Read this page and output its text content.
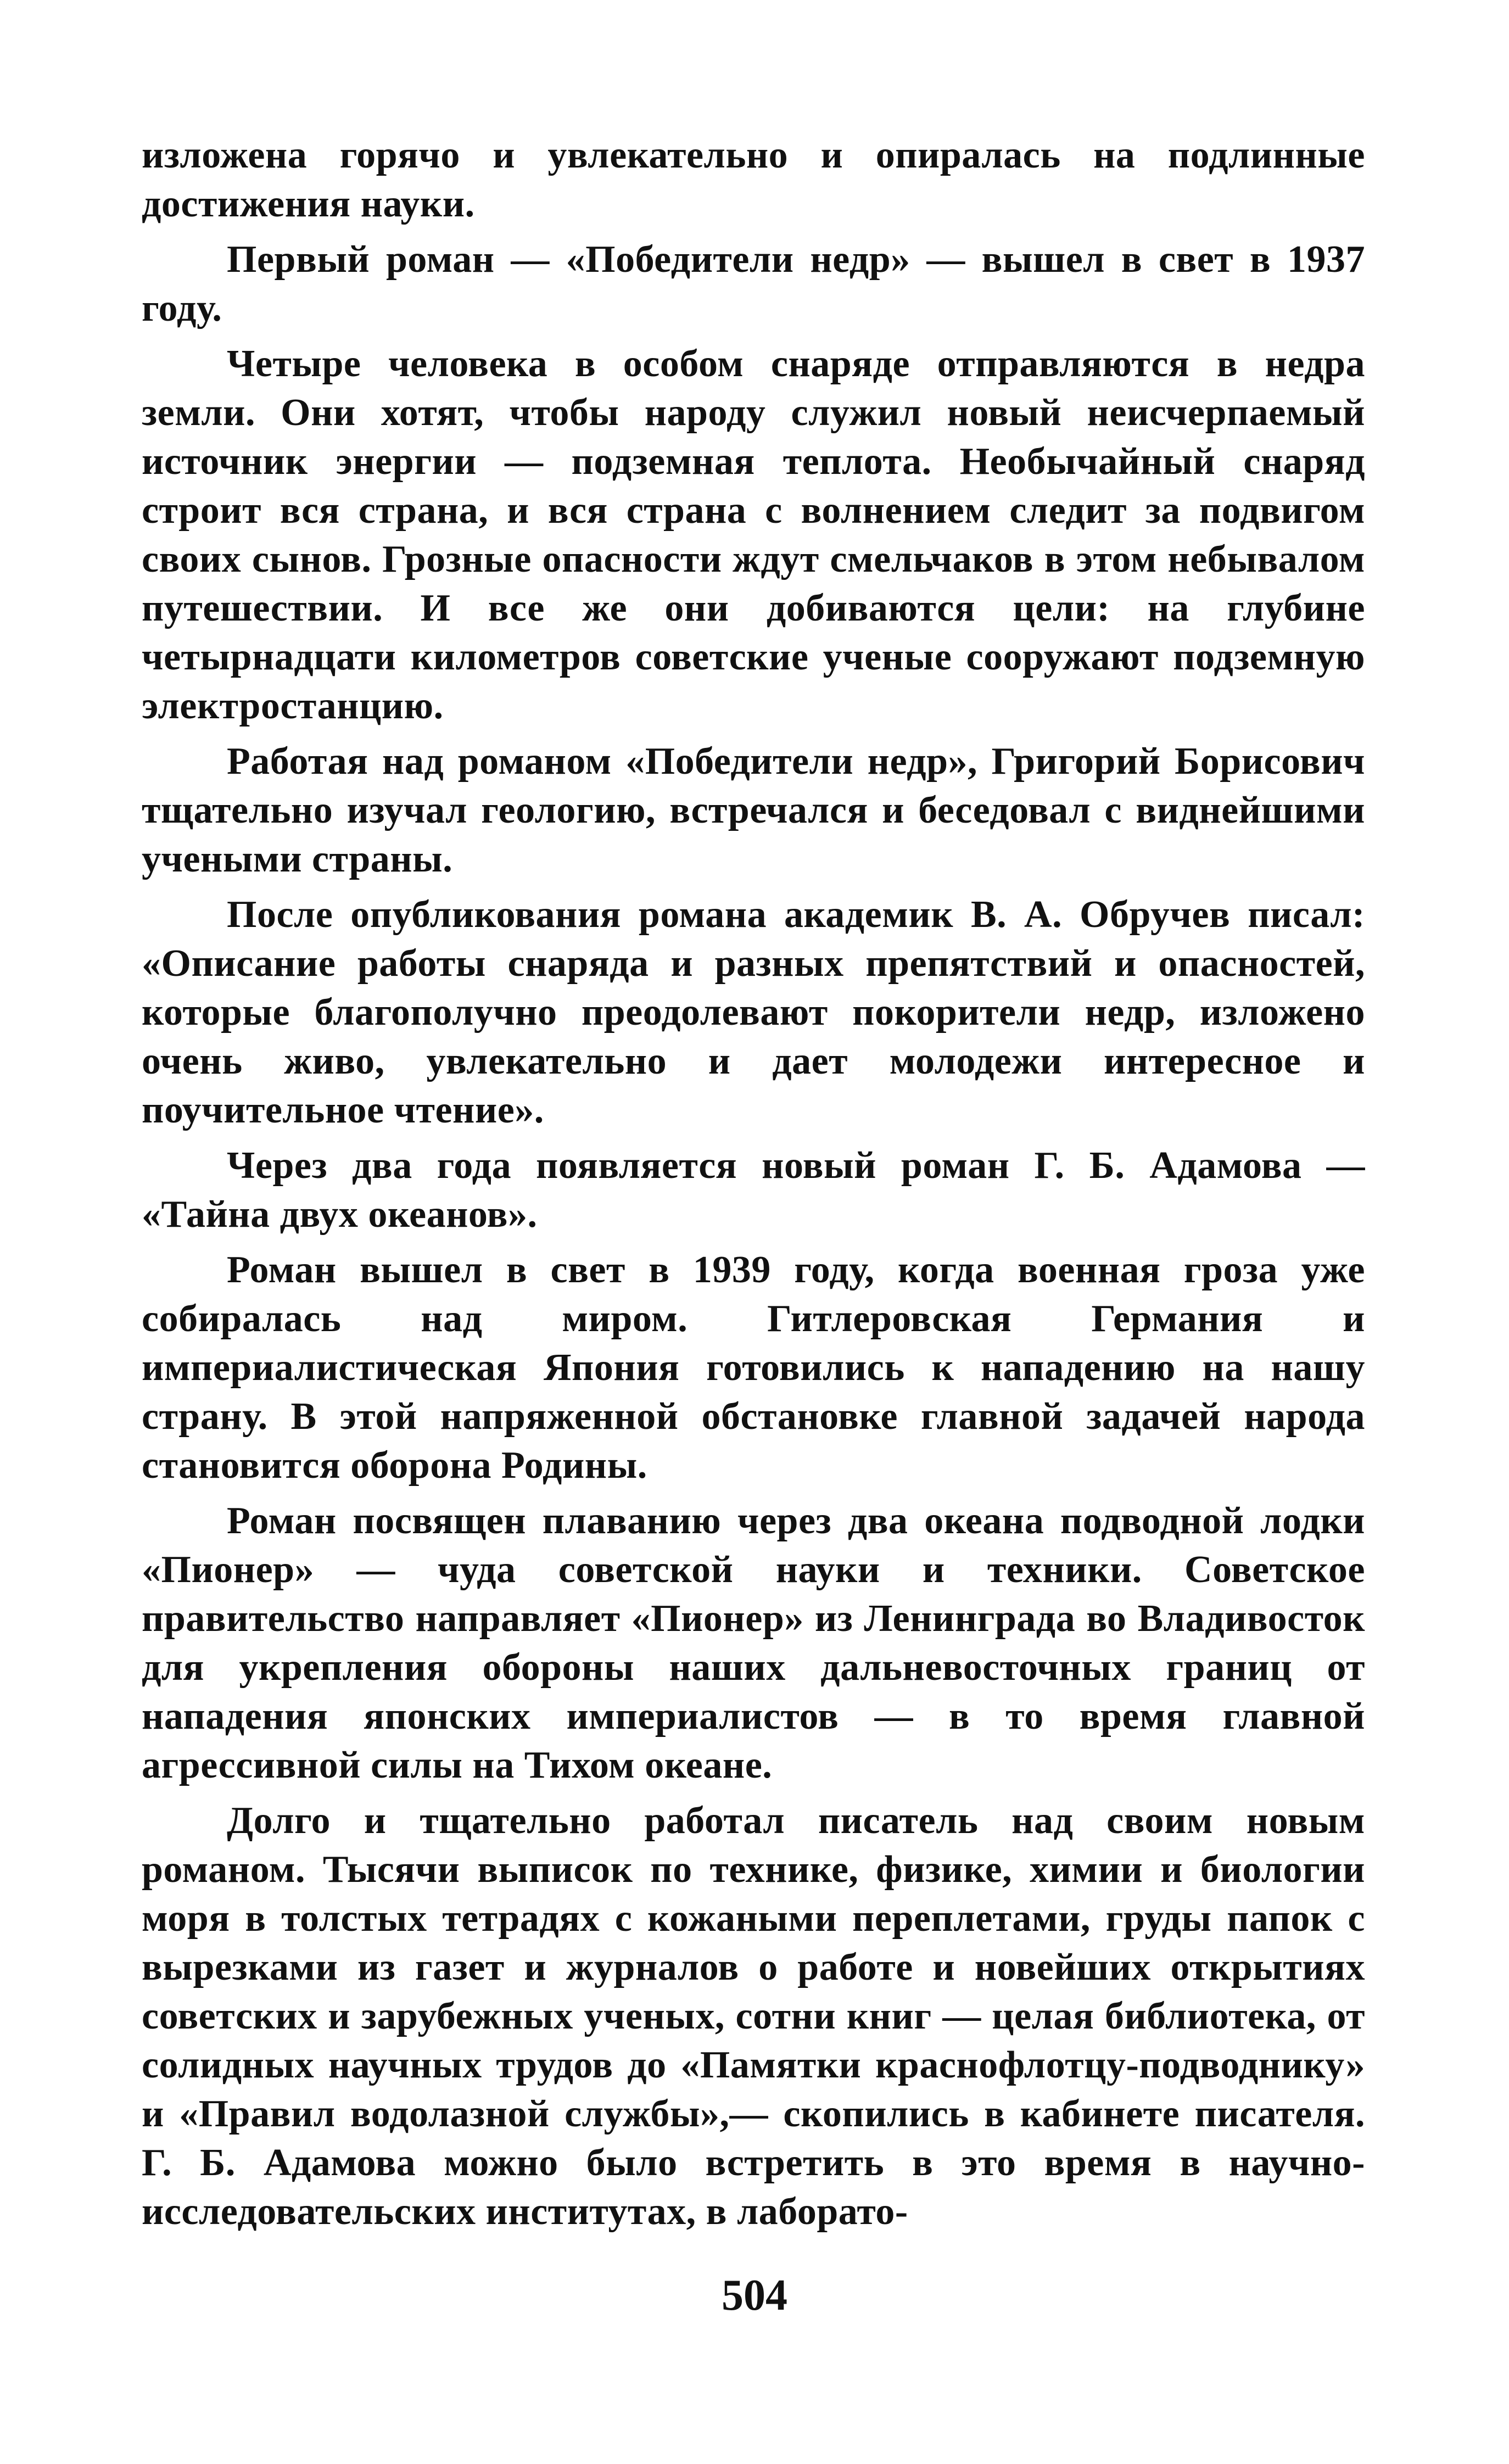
изложена горячо и увлекательно и опиралась на подлинные достижения науки.

Первый роман — «Победители недр» — вышел в свет в 1937 году.

Четыре человека в особом снаряде отправляются в недра земли. Они хотят, чтобы народу служил новый неисчерпаемый источник энергии — подземная теплота. Необычайный снаряд строит вся страна, и вся страна с волнением следит за подвигом своих сынов. Грозные опасности ждут смельчаков в этом небывалом путешествии. И все же они добиваются цели: на глубине четырнадцати километров советские ученые сооружают подземную электростанцию.

Работая над романом «Победители недр», Григорий Борисович тщательно изучал геологию, встречался и беседовал с виднейшими учеными страны.

После опубликования романа академик В. А. Обручев писал: «Описание работы снаряда и разных препятствий и опасностей, которые благополучно преодолевают покорители недр, изложено очень живо, увлекательно и дает молодежи интересное и поучительное чтение».

Через два года появляется новый роман Г. Б. Адамова — «Тайна двух океанов».

Роман вышел в свет в 1939 году, когда военная гроза уже собиралась над миром. Гитлеровская Германия и империалистическая Япония готовились к нападению на нашу страну. В этой напряженной обстановке главной задачей народа становится оборона Родины.

Роман посвящен плаванию через два океана подводной лодки «Пионер» — чуда советской науки и техники. Советское правительство направляет «Пионер» из Ленинграда во Владивосток для укрепления обороны наших дальневосточных границ от нападения японских империалистов — в то время главной агрессивной силы на Тихом океане.

Долго и тщательно работал писатель над своим новым романом. Тысячи выписок по технике, физике, химии и биологии моря в толстых тетрадях с кожаными переплетами, груды папок с вырезками из газет и журналов о работе и новейших открытиях советских и зарубежных ученых, сотни книг — целая библиотека, от солидных научных трудов до «Памятки краснофлотцу-подводнику» и «Правил водолазной службы»,— скопились в кабинете писателя. Г. Б. Адамова можно было встретить в это время в научно-исследовательских институтах, в лаборато-

504
